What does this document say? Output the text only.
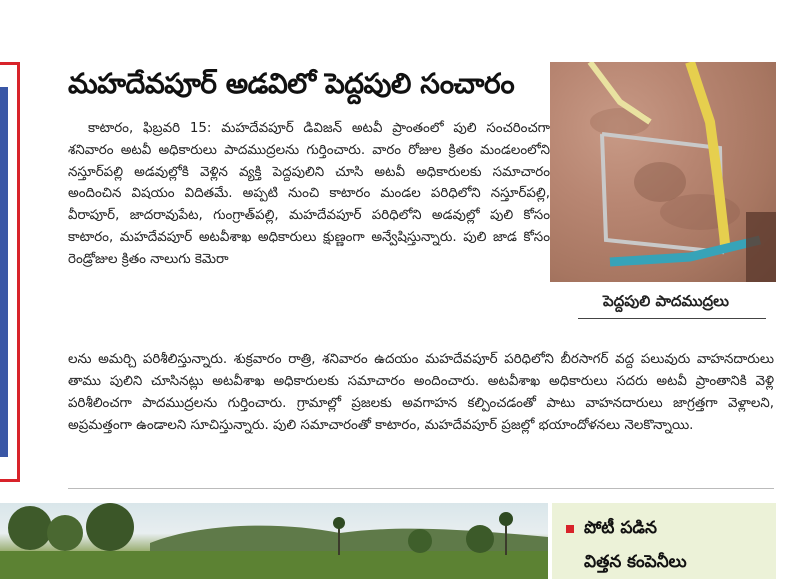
మహదేవపూర్ అడవిలో పెద్దపులి సంచారం

కాటారం, ఫిబ్రవరి 15: మహదేవపూర్ డివిజన్ అటవీ ప్రాంతంలో పులి సంచరించగా శనివారం అటవీ అధికారులు పాదముద్రలను గుర్తించారు. వారం రోజుల క్రితం మండలంలోని నస్తూర్‌పల్లి అడవుల్లోకి వెళ్లిన వ్యక్తి పెద్దపులిని చూసి అటవీ అధికారులకు సమాచారం అందించిన విషయం విదితమే. అప్పటి నుంచి కాటారం మండల పరిధిలోని నస్తూర్‌పల్లి, వీరాపూర్, జాదరావుపేట, గుంగ్రాత్‌పల్లి, మహదేవపూర్ పరిధిలోని అడవుల్లో పులి కోసం కాటారం, మహదేవపూర్ అటవీశాఖ అధికారులు క్షుణ్ణంగా అన్వేషిస్తున్నారు. పులి జాడ కోసం రెండ్రోజుల క్రితం నాలుగు కెమెరా

పెద్దపులి పాదముద్రలు

లను అమర్చి పరిశీలిస్తున్నారు. శుక్రవారం రాత్రి, శనివారం ఉదయం మహదేవపూర్ పరిధిలోని బీరసాగర్ వద్ద పలువురు వాహనదారులు తాము పులిని చూసినట్లు అటవీశాఖ అధికారులకు సమాచారం అందించారు. అటవీశాఖ అధికారులు సదరు అటవీ ప్రాంతానికి వెళ్లి పరిశీలించగా పాదముద్రలను గుర్తించారు. గ్రామాల్లో ప్రజలకు అవగాహన కల్పించడంతో పాటు వాహనదారులు జాగ్రత్తగా వెళ్లాలని, అప్రమత్తంగా ఉండాలని సూచిస్తున్నారు. పులి సమాచారంతో కాటారం, మహదేవపూర్ ప్రజల్లో భయాందోళనలు నెలకొన్నాయి.

పోటీ పడిన
విత్తన కంపెనీలు
